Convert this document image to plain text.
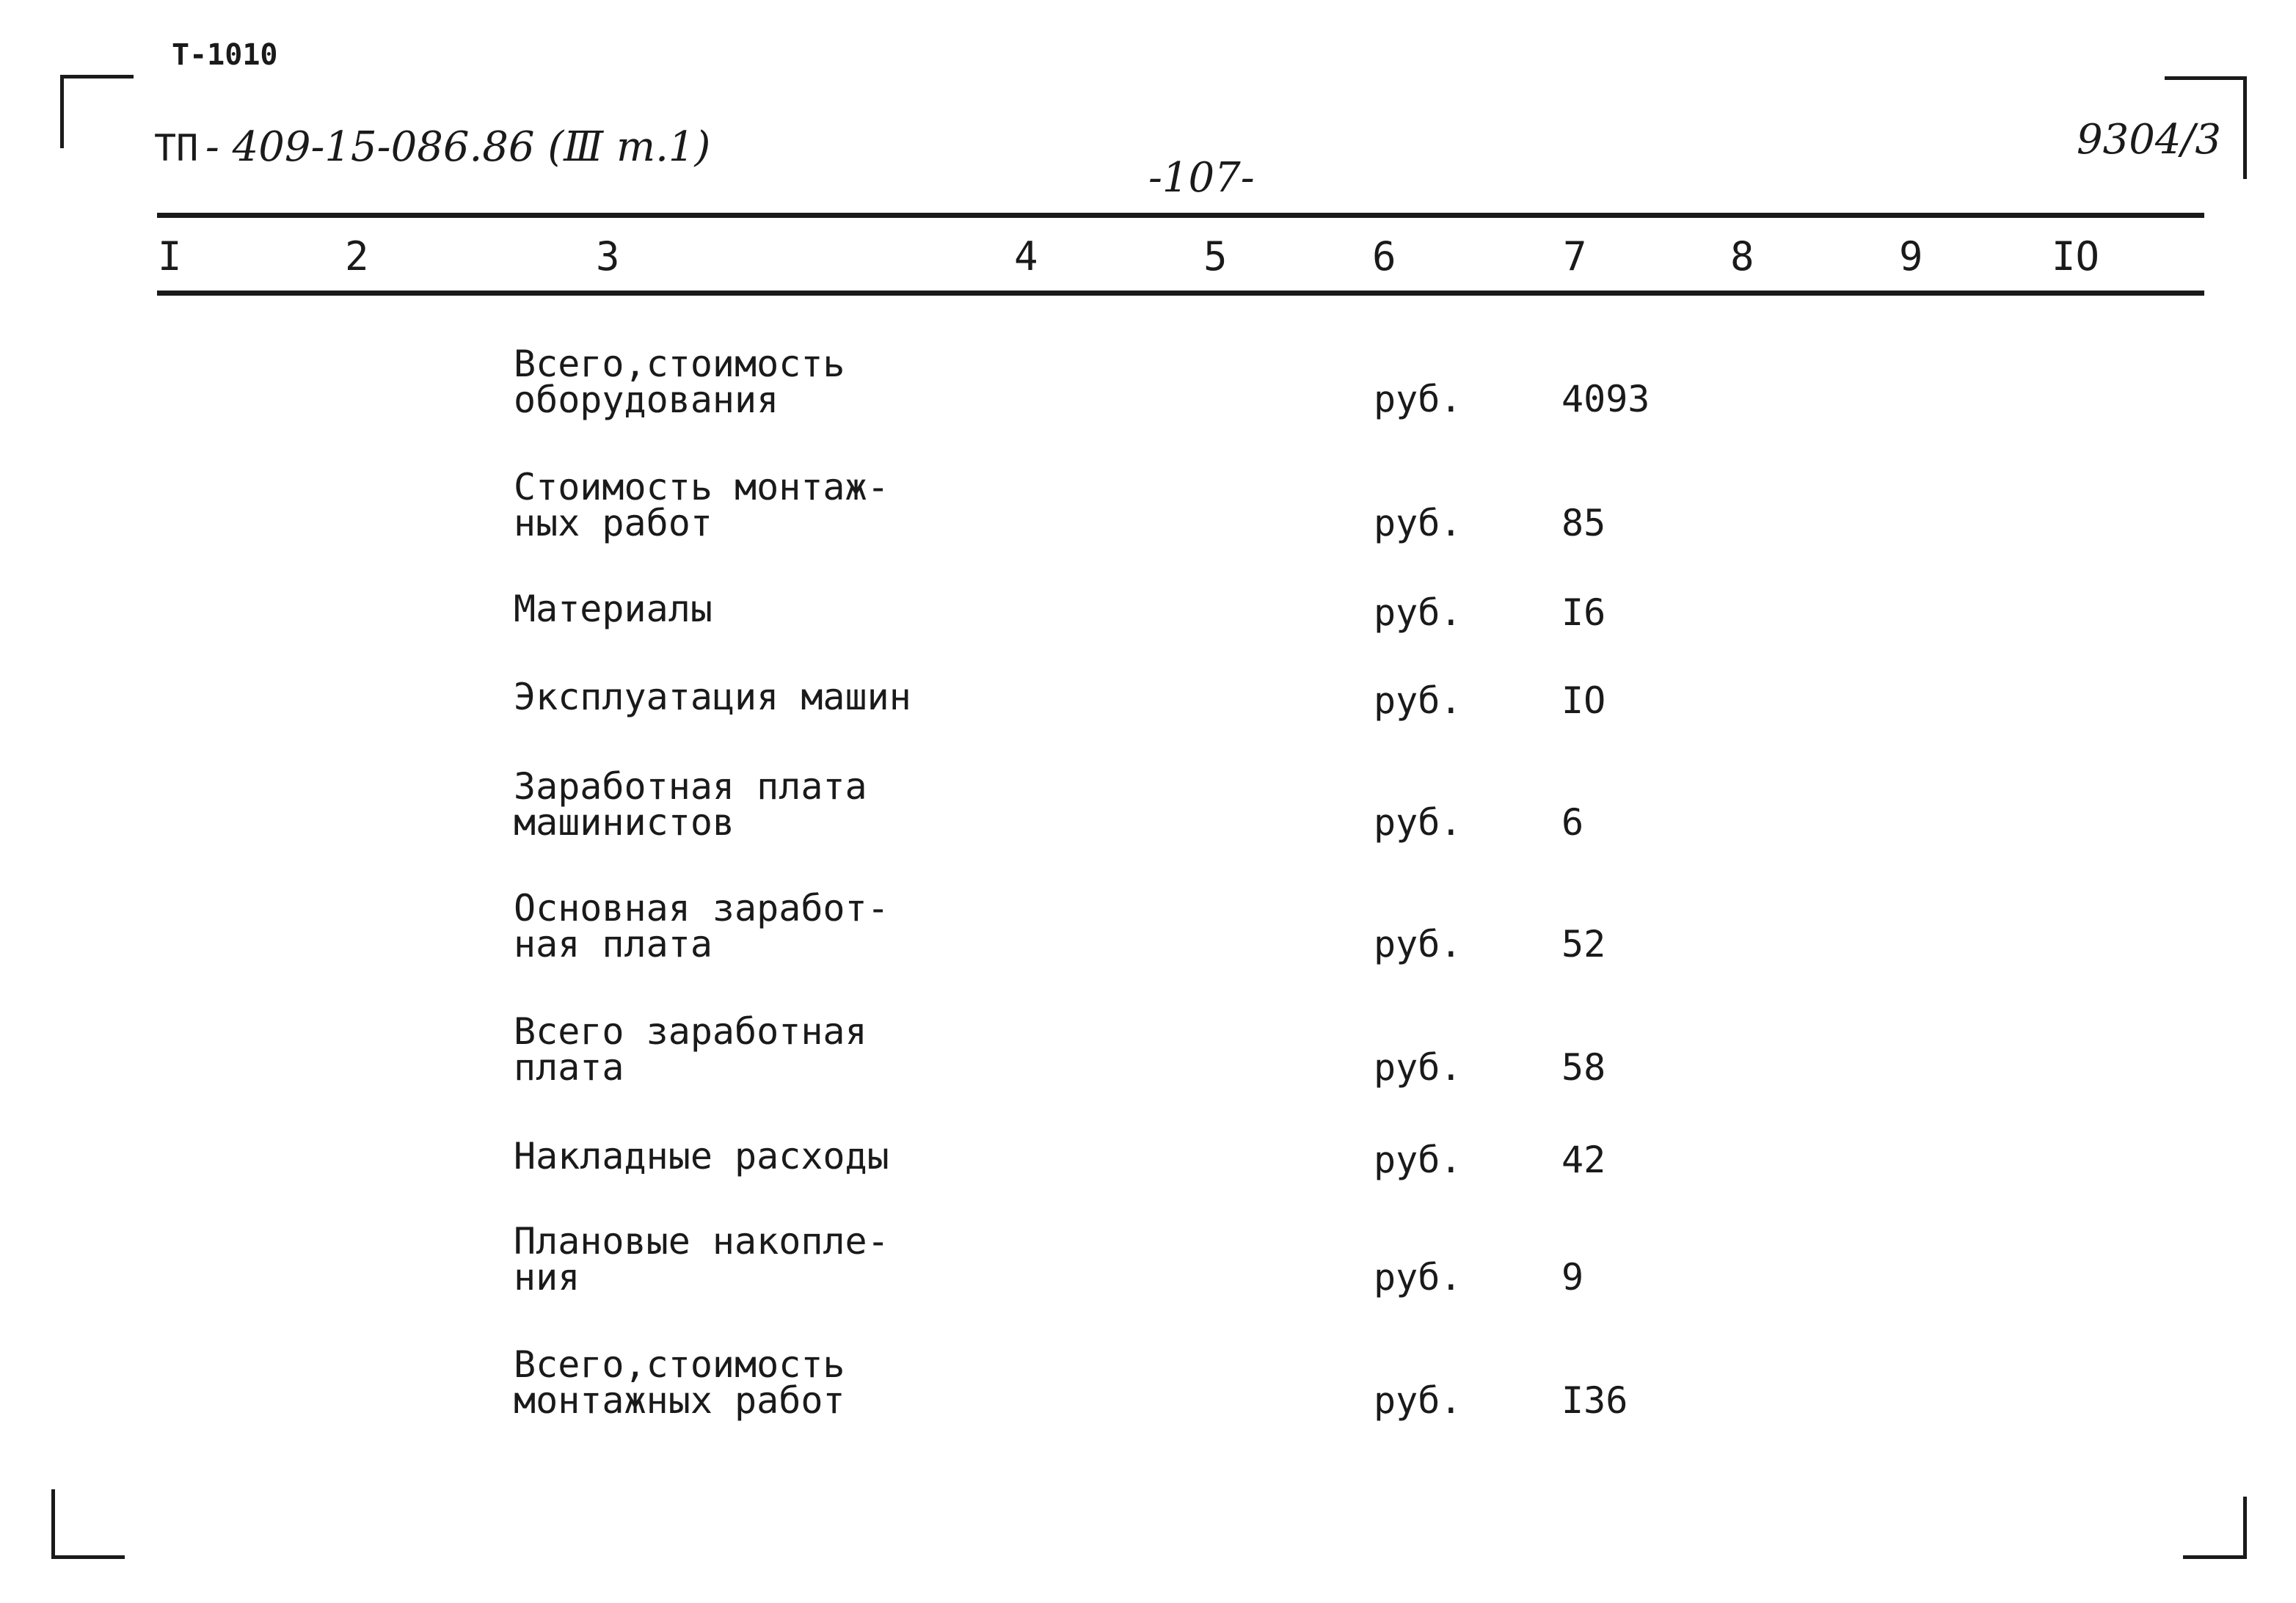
Т-1010
ТП - 409-15-086.86 (Ⅲ т.1)
-107-
9304/3
I	2	3	4	5	6	7	8	9	IO
Всего,стоимость
оборудования	руб.	4093
Стоимость монтаж-
ных работ	руб.	85
Материалы	руб.	I6
Эксплуатация машин	руб.	IO
Заработная плата
машинистов	руб.	6
Основная заработ-
ная плата	руб.	52
Всего заработная
плата	руб.	58
Накладные расходы	руб.	42
Плановые накопле-
ния	руб.	9
Всего,стоимость
монтажных работ	руб.	I36
